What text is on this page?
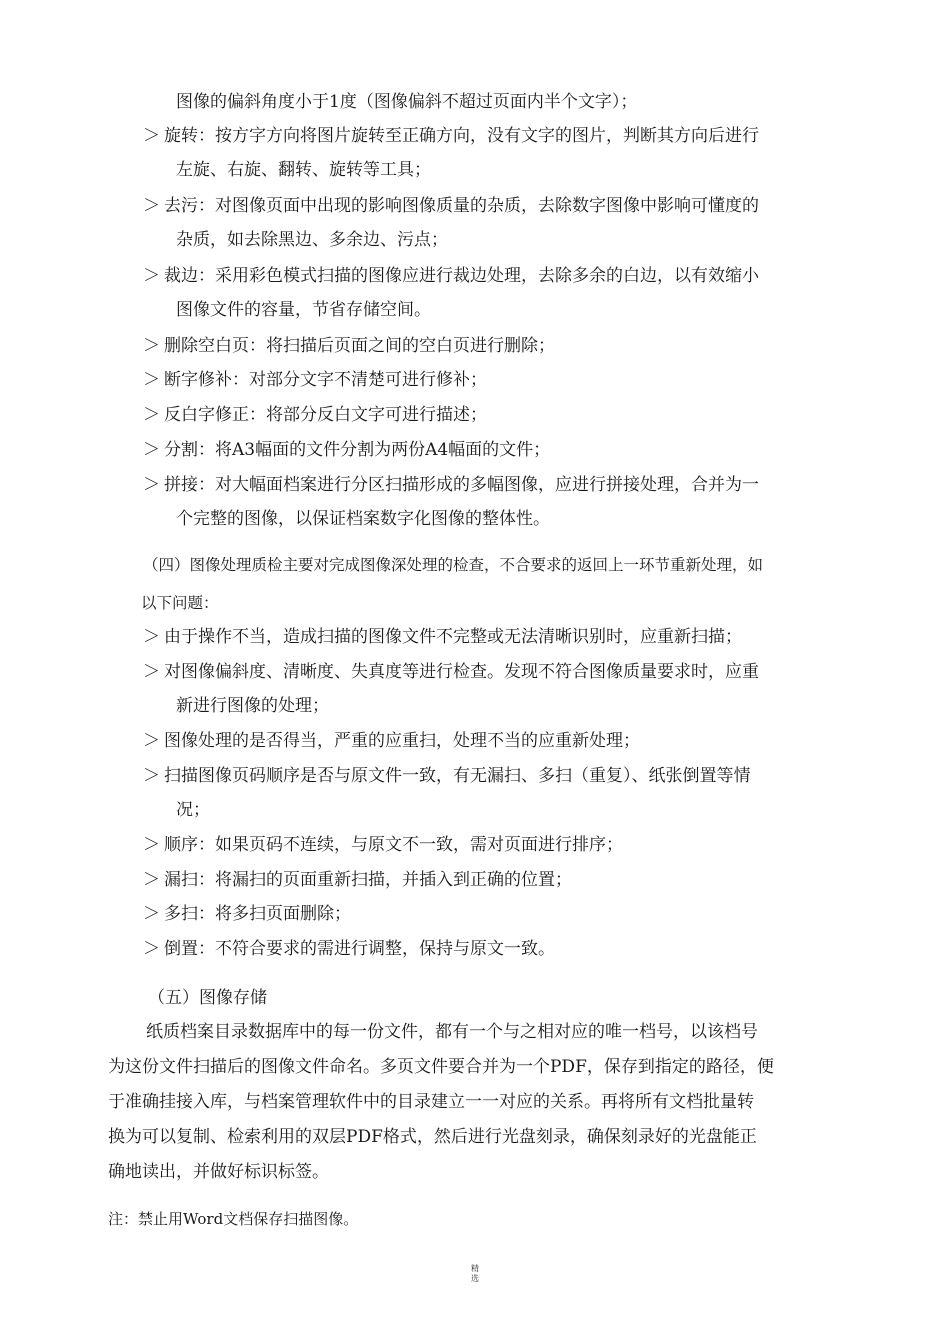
图像的偏斜角度小于1度（图像偏斜不超过页面内半个文字）；
＞ 旋转：按方字方向将图片旋转至正确方向，没有文字的图片，判断其方向后进行
左旋、右旋、翻转、旋转等工具；
＞ 去污：对图像页面中出现的影响图像质量的杂质，去除数字图像中影响可懂度的
杂质，如去除黑边、多余边、污点；
＞ 裁边：采用彩色模式扫描的图像应进行裁边处理，去除多余的白边，以有效缩小
图像文件的容量，节省存储空间。
＞ 删除空白页：将扫描后页面之间的空白页进行删除；
＞ 断字修补：对部分文字不清楚可进行修补；
＞ 反白字修正：将部分反白文字可进行描述；
＞ 分割：将A3幅面的文件分割为两份A4幅面的文件；
＞ 拼接：对大幅面档案进行分区扫描形成的多幅图像，应进行拼接处理，合并为一
个完整的图像，以保证档案数字化图像的整体性。
（四）图像处理质检主要对完成图像深处理的检查，不合要求的返回上一环节重新处理，如
以下问题：
＞ 由于操作不当，造成扫描的图像文件不完整或无法清晰识别时，应重新扫描；
＞ 对图像偏斜度、清晰度、失真度等进行检查。发现不符合图像质量要求时，应重
新进行图像的处理；
＞ 图像处理的是否得当，严重的应重扫，处理不当的应重新处理；
＞ 扫描图像页码顺序是否与原文件一致，有无漏扫、多扫（重复）、纸张倒置等情
况；
＞ 顺序：如果页码不连续，与原文不一致，需对页面进行排序；
＞ 漏扫：将漏扫的页面重新扫描，并插入到正确的位置；
＞ 多扫：将多扫页面删除；
＞ 倒置：不符合要求的需进行调整，保持与原文一致。
（五）图像存储
纸质档案目录数据库中的每一份文件，都有一个与之相对应的唯一档号，以该档号
为这份文件扫描后的图像文件命名。多页文件要合并为一个PDF，保存到指定的路径，便
于准确挂接入库，与档案管理软件中的目录建立一一对应的关系。再将所有文档批量转
换为可以复制、检索利用的双层PDF格式，然后进行光盘刻录，确保刻录好的光盘能正
确地读出，并做好标识标签。
注：禁止用Word文档保存扫描图像。
精
选
